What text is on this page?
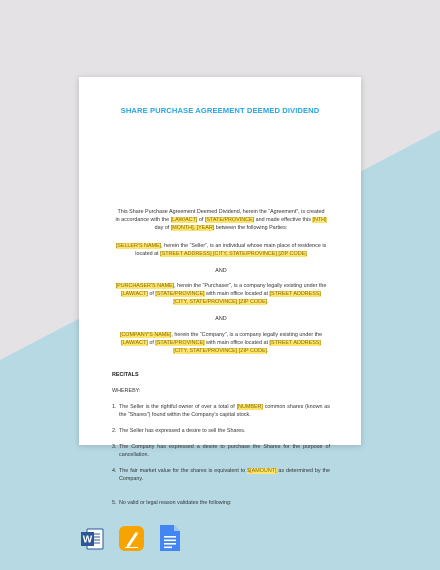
SHARE PURCHASE AGREEMENT DEEMED DIVIDEND
This Share Purchase Agreement Deemed Dividend, herein the “Agreement”, is created in accordance with the [LAW/ACT] of [STATE/PROVINCE] and made effective this [NTH] day of [MONTH], [YEAR] between the following Parties:
[SELLER'S NAME], herein the “Seller”, is an individual whose main place of residence is located at [STREET ADDRESS] [CITY, STATE/PROVINCE] [ZIP CODE]
AND
[PURCHASER'S NAME], herein the “Purchaser”, is a company legally existing under the [LAW/ACT] of [STATE/PROVINCE] with main office located at [STREET ADDRESS] [CITY, STATE/PROVINCE] [ZIP CODE].
AND
[COMPANY'S NAME], herein the “Company”, is a company legally existing under the [LAW/ACT] of [STATE/PROVINCE] with main office located at [STREET ADDRESS] [CITY, STATE/PROVINCE] [ZIP CODE].
RECITALS
WHEREBY:
1. The Seller is the rightful owner of over a total of [NUMBER] common shares (known as the “Shares”) found within the Company’s capital stock.
2. The Seller has expressed a desire to sell the Shares.
3. The Company has expressed a desire to purchase the Shares for the purpose of cancellation.
4. The fair market value for the shares is equivalent to $[AMOUNT] as determined by the Company.
5. No valid or legal reason validates the following:
W
